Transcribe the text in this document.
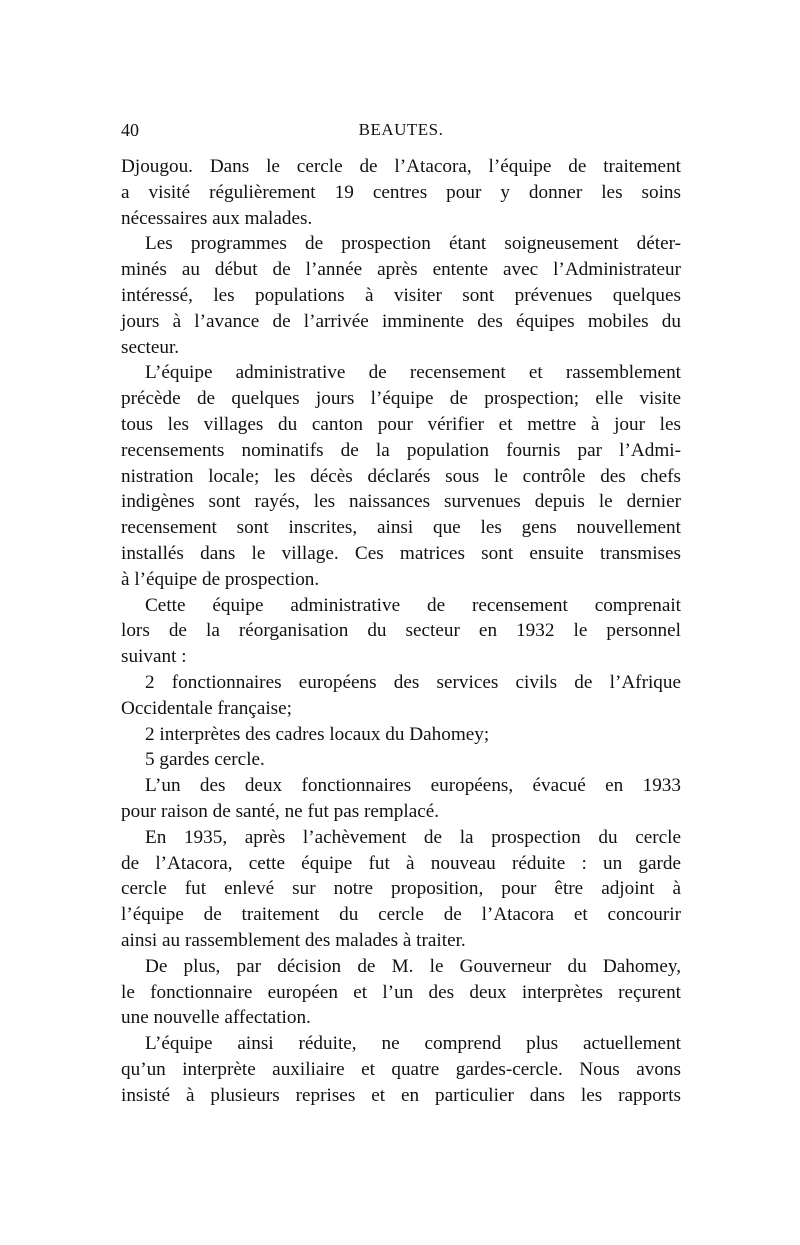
40	BEAUTES.
Djougou. Dans le cercle de l’Atacora, l’équipe de traitement
a visité régulièrement 19 centres pour y donner les soins
nécessaires aux malades.
Les programmes de prospection étant soigneusement déter-
minés au début de l’année après entente avec l’Administrateur
intéressé, les populations à visiter sont prévenues quelques
jours à l’avance de l’arrivée imminente des équipes mobiles du
secteur.
L’équipe administrative de recensement et rassemblement
précède de quelques jours l’équipe de prospection; elle visite
tous les villages du canton pour vérifier et mettre à jour les
recensements nominatifs de la population fournis par l’Admi-
nistration locale; les décès déclarés sous le contrôle des chefs
indigènes sont rayés, les naissances survenues depuis le dernier
recensement sont inscrites, ainsi que les gens nouvellement
installés dans le village. Ces matrices sont ensuite transmises
à l’équipe de prospection.
Cette équipe administrative de recensement comprenait
lors de la réorganisation du secteur en 1932 le personnel
suivant :
2 fonctionnaires européens des services civils de l’Afrique
Occidentale française;
2 interprètes des cadres locaux du Dahomey;
5 gardes cercle.
L’un des deux fonctionnaires européens, évacué en 1933
pour raison de santé, ne fut pas remplacé.
En 1935, après l’achèvement de la prospection du cercle
de l’Atacora, cette équipe fut à nouveau réduite : un garde
cercle fut enlevé sur notre proposition, pour être adjoint à
l’équipe de traitement du cercle de l’Atacora et concourir
ainsi au rassemblement des malades à traiter.
De plus, par décision de M. le Gouverneur du Dahomey,
le fonctionnaire européen et l’un des deux interprètes reçurent
une nouvelle affectation.
L’équipe ainsi réduite, ne comprend plus actuellement
qu’un interprète auxiliaire et quatre gardes-cercle. Nous avons
insisté à plusieurs reprises et en particulier dans les rapports
